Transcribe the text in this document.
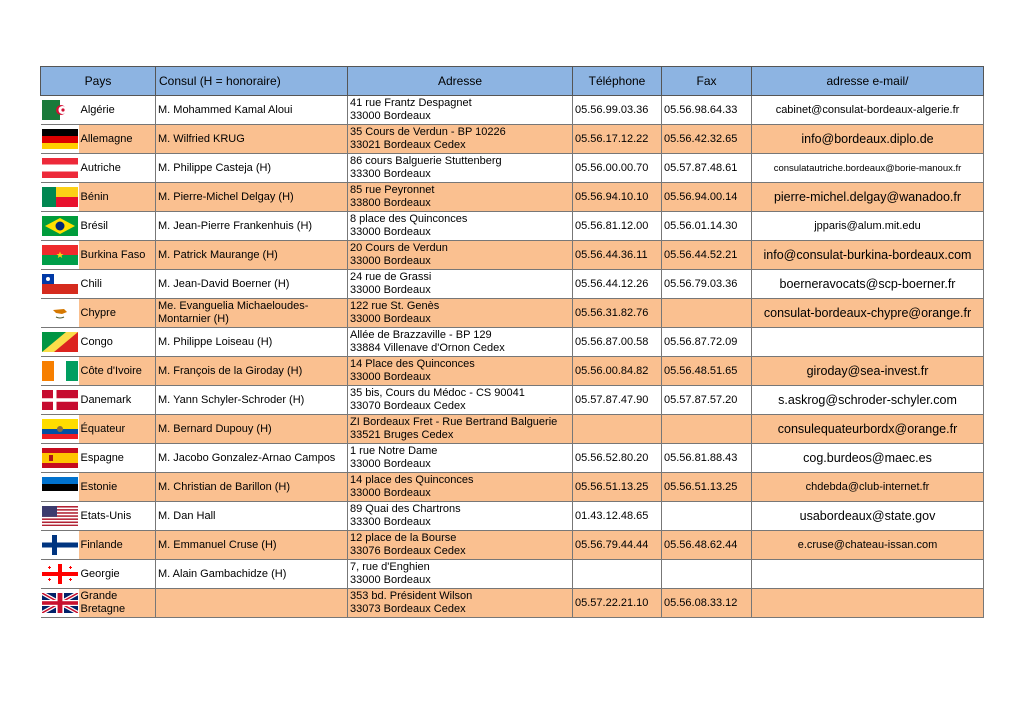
Pays		Consul (H = honoraire)	Adresse	Téléphone	Fax	adresse e-mail/

	Algérie	M. Mohammed Kamal Aloui	41 rue Frantz Despagnet
33000 Bordeaux	05.56.99.03.36	05.56.98.64.33	cabinet@consulat-bordeaux-algerie.fr

	Allemagne	M. Wilfried KRUG	35 Cours de Verdun - BP 10226
33021 Bordeaux Cedex	05.56.17.12.22	05.56.42.32.65	info@bordeaux.diplo.de

	Autriche	M. Philippe Casteja (H)	86 cours Balguerie Stuttenberg
33300 Bordeaux	05.56.00.00.70	05.57.87.48.61	consulatautriche.bordeaux@borie-manoux.fr

	Bénin	M. Pierre-Michel Delgay (H)	85 rue Peyronnet
33800 Bordeaux	05.56.94.10.10	05.56.94.00.14	pierre-michel.delgay@wanadoo.fr

	Brésil	M. Jean-Pierre Frankenhuis (H)	8 place des Quinconces
33000 Bordeaux	05.56.81.12.00	05.56.01.14.30	jpparis@alum.mit.edu

	Burkina Faso	M. Patrick Maurange (H)	20 Cours de Verdun
33000 Bordeaux	05.56.44.36.11	05.56.44.52.21	info@consulat-burkina-bordeaux.com

	Chili	M. Jean-David Boerner (H)	24 rue de Grassi
33000 Bordeaux	05.56.44.12.26	05.56.79.03.36	boerneravocats@scp-boerner.fr

	Chypre	Me. Evanguelia Michaeloudes-Montarnier (H)	122 rue St. Genès
33000 Bordeaux	05.56.31.82.76		consulat-bordeaux-chypre@orange.fr

	Congo	M. Philippe Loiseau (H)	Allée de Brazzaville - BP 129
33884 Villenave d'Ornon Cedex	05.56.87.00.58	05.56.87.72.09	

	Côte d'Ivoire	M. François de la Giroday (H)	14 Place des Quinconces
33000 Bordeaux	05.56.00.84.82	05.56.48.51.65	giroday@sea-invest.fr

	Danemark	M. Yann Schyler-Schroder (H)	35 bis, Cours du Médoc - CS 90041
33070 Bordeaux Cedex	05.57.87.47.90	05.57.87.57.20	s.askrog@schroder-schyler.com

	Équateur	M. Bernard Dupouy (H)	ZI Bordeaux Fret - Rue Bertrand Balguerie
33521 Bruges Cedex			consulequateurbordx@orange.fr

	Espagne	M. Jacobo Gonzalez-Arnao Campos	1 rue Notre Dame
33000 Bordeaux	05.56.52.80.20	05.56.81.88.43	cog.burdeos@maec.es

	Estonie	M. Christian de Barillon (H)	14 place des Quinconces
33000 Bordeaux	05.56.51.13.25	05.56.51.13.25	chdebda@club-internet.fr

	Etats-Unis	M. Dan Hall	89 Quai des Chartrons
33300 Bordeaux	01.43.12.48.65		usabordeaux@state.gov

	Finlande	M. Emmanuel Cruse (H)	12 place de la Bourse
33076 Bordeaux Cedex	05.56.79.44.44	05.56.48.62.44	e.cruse@chateau-issan.com

	Georgie	M. Alain Gambachidze (H)	7, rue d'Enghien
33000 Bordeaux			

	Grande Bretagne		353 bd. Président Wilson
33073 Bordeaux Cedex	05.57.22.21.10	05.56.08.33.12	
